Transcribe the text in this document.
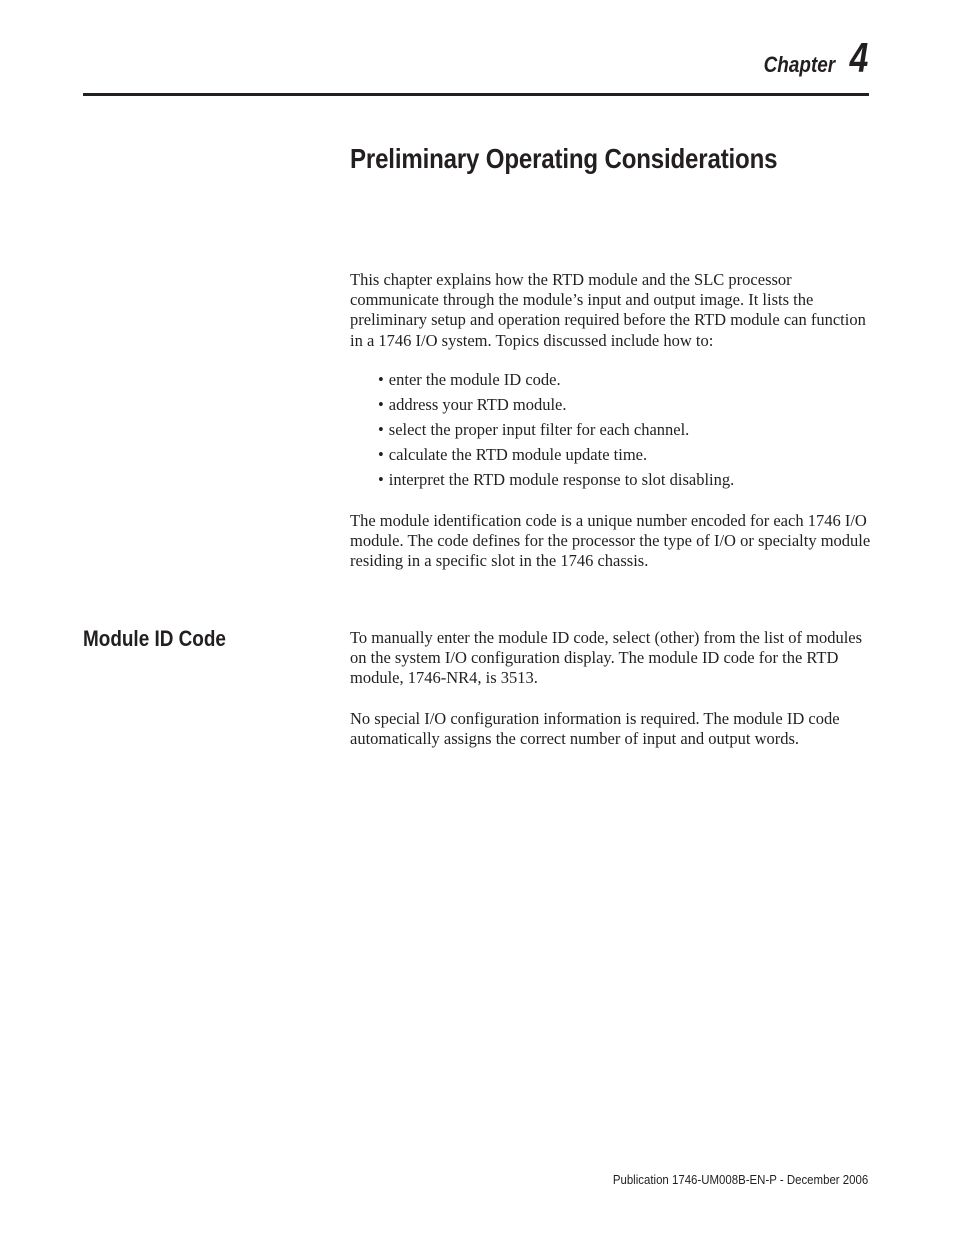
Chapter 4
Preliminary Operating Considerations

This chapter explains how the RTD module and the SLC processor communicate through the module’s input and output image. It lists the preliminary setup and operation required before the RTD module can function in a 1746 I/O system. Topics discussed include how to:

• enter the module ID code.
• address your RTD module.
• select the proper input filter for each channel.
• calculate the RTD module update time.
• interpret the RTD module response to slot disabling.

The module identification code is a unique number encoded for each 1746 I/O module. The code defines for the processor the type of I/O or specialty module residing in a specific slot in the 1746 chassis.

Module ID Code	To manually enter the module ID code, select (other) from the list of modules on the system I/O configuration display. The module ID code for the RTD module, 1746-NR4, is 3513.

No special I/O configuration information is required. The module ID code automatically assigns the correct number of input and output words.

Publication 1746-UM008B-EN-P - December 2006
